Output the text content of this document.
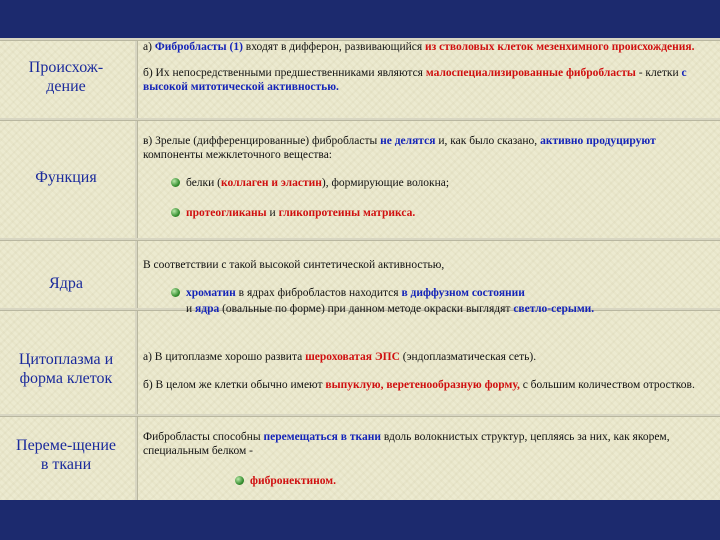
Происхож-дение

а) Фибробласты (1) входят в дифферон, развивающийся из стволовых клеток мезенхимного происхождения.

б) Их непосредственными предшественниками являются малоспециализированные фибробласты - клетки с высокой митотической активностью.

Функция

в) Зрелые (дифференцированные) фибробласты не делятся и, как было сказано, активно продуцируют компоненты межклеточного вещества:

белки (коллаген и эластин), формирующие волокна;

протеогликаны и гликопротеины матрикса.

Ядра

В соответствии с такой высокой синтетической активностью,

хроматин в ядрах фибробластов находится в диффузном состоянии

и ядра (овальные по форме) при данном методе окраски выглядят светло-серыми.

Цитоплазма и форма клеток

а) В цитоплазме хорошо развита шероховатая ЭПС (эндоплазматическая сеть).

б) В целом же клетки обычно имеют выпуклую, веретенообразную форму, с большим количеством отростков.

Переме-щение в ткани

Фибробласты способны перемещаться в ткани вдоль волокнистых структур, цепляясь за них, как якорем, специальным белком -

фибронектином.
